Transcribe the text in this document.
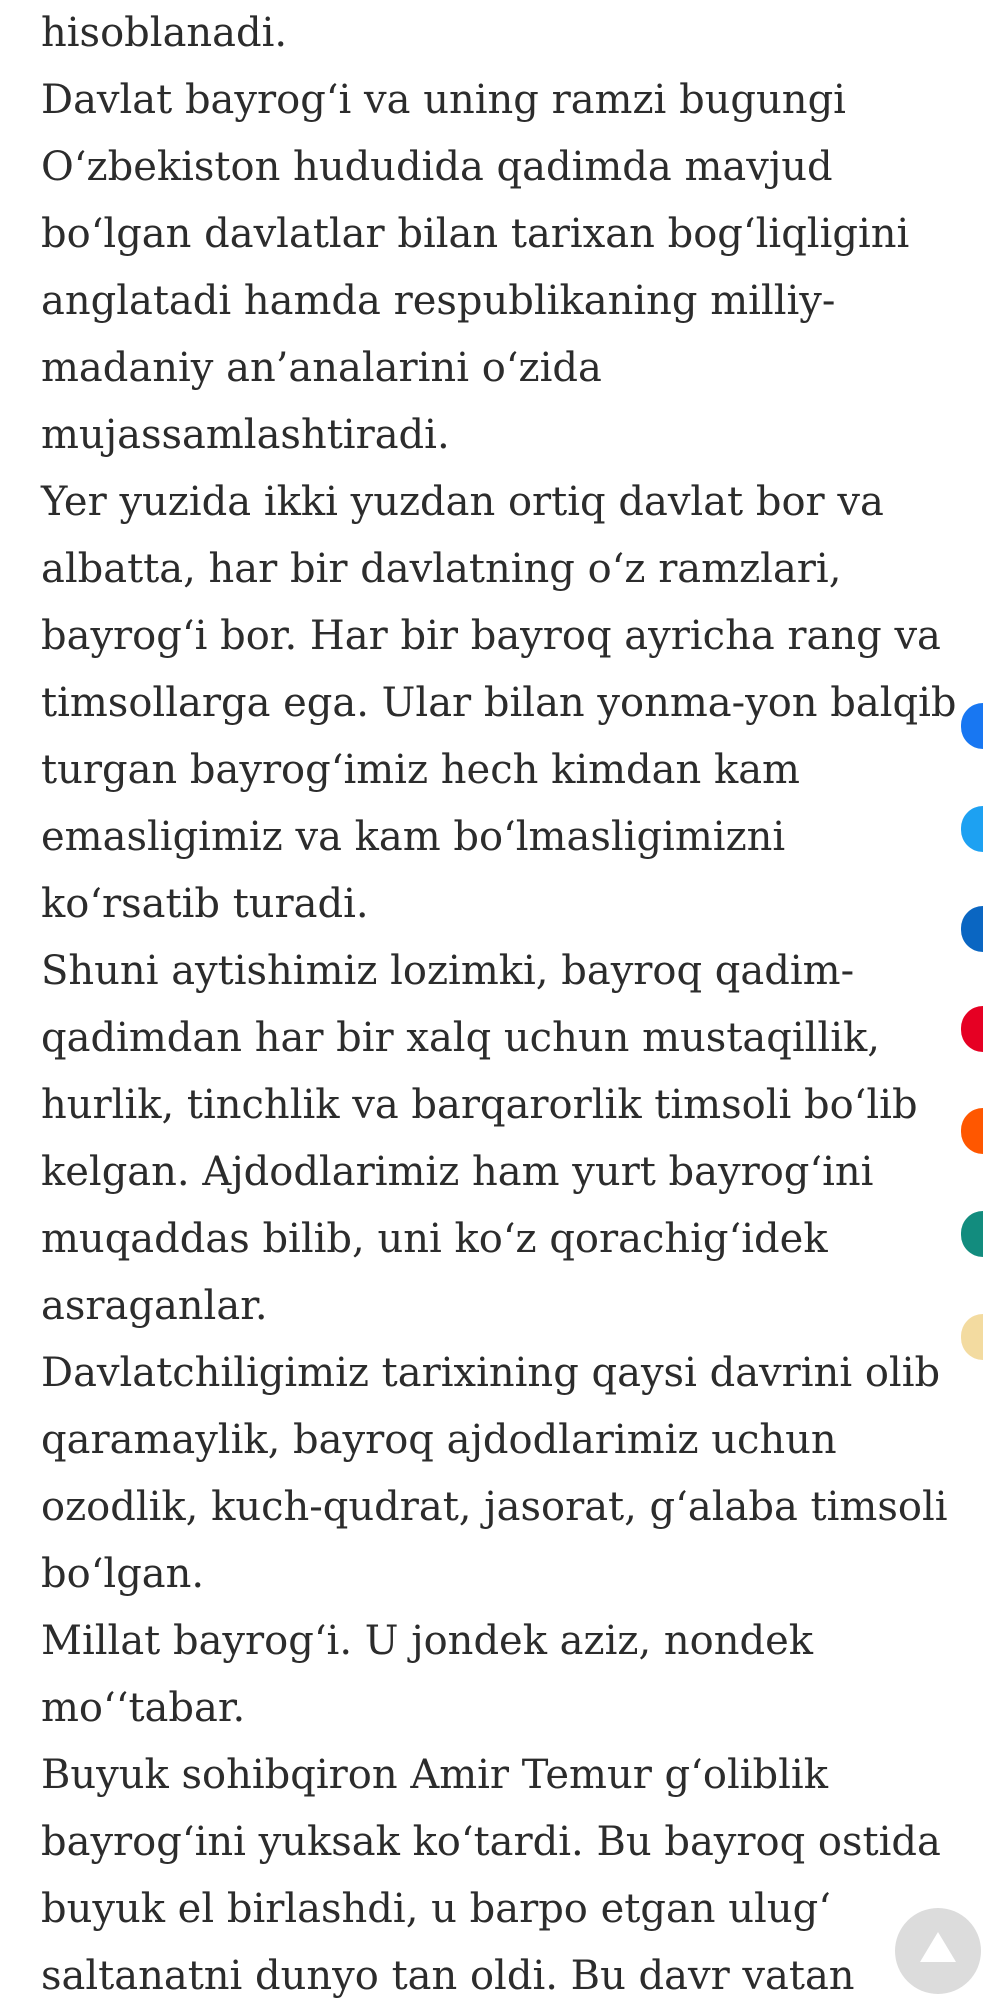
hisoblanadi.
Davlat bayrog‘i va uning ramzi bugungi
O‘zbekiston hududida qadimda mavjud
bo‘lgan davlatlar bilan tarixan bog‘liqligini
anglatadi hamda respublikaning milliy-
madaniy an’analarini o‘zida
mujassamlashtiradi.
Yer yuzida ikki yuzdan ortiq davlat bor va
albatta, har bir davlatning o‘z ramzlari,
bayrog‘i bor. Har bir bayroq ayricha rang va
timsollarga ega. Ular bilan yonma-yon balqib
turgan bayrog‘imiz hech kimdan kam
emasligimiz va kam bo‘lmasligimizni
ko‘rsatib turadi.
Shuni aytishimiz lozimki, bayroq qadim-
qadimdan har bir xalq uchun mustaqillik,
hurlik, tinchlik va barqarorlik timsoli bo‘lib
kelgan. Ajdodlarimiz ham yurt bayrog‘ini
muqaddas bilib, uni ko‘z qorachig‘idek
asraganlar.
Davlatchiligimiz tarixining qaysi davrini olib
qaramaylik, bayroq ajdodlarimiz uchun
ozodlik, kuch-qudrat, jasorat, g‘alaba timsoli
bo‘lgan.
Millat bayrog‘i. U jondek aziz, nondek
mo‘‘tabar.
Buyuk sohibqiron Amir Temur g‘oliblik
bayrog‘ini yuksak ko‘tardi. Bu bayroq ostida
buyuk el birlashdi, u barpo etgan ulug‘
saltanatni dunyo tan oldi. Bu davr vatan
